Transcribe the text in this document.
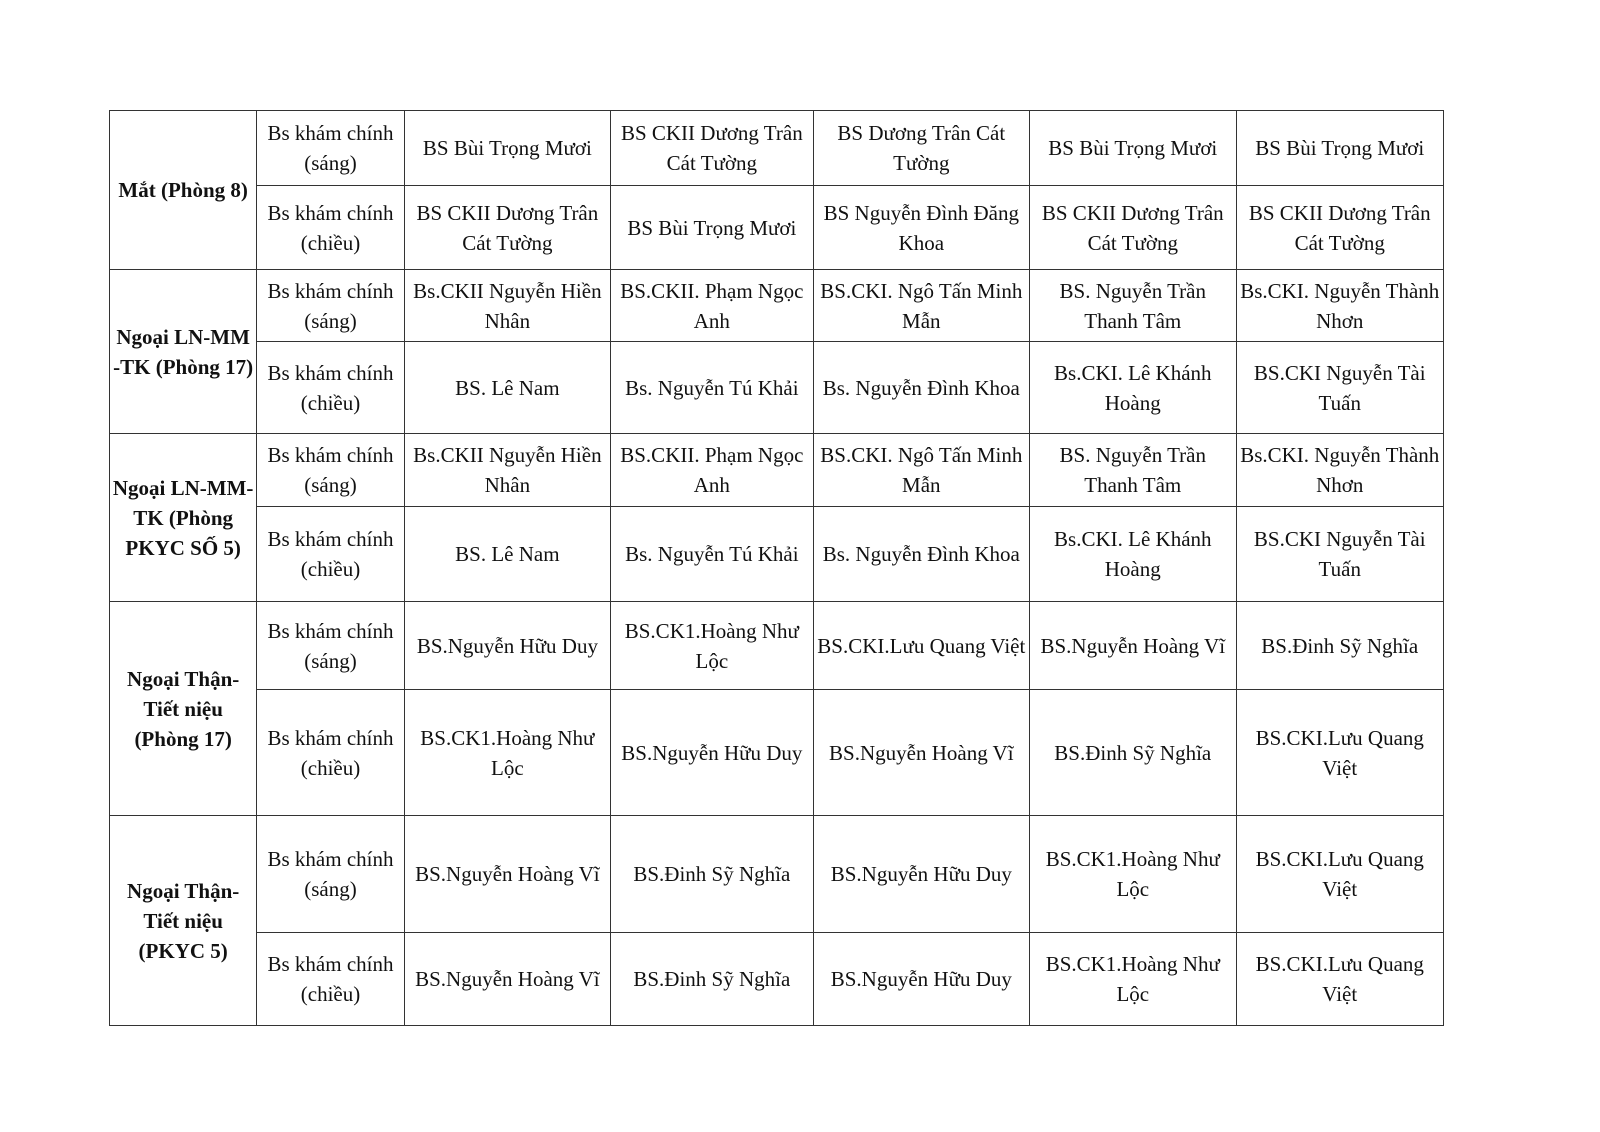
Mắt (Phòng 8)	Bs khám chính (sáng)	BS Bùi Trọng Mươi	BS CKII Dương Trân Cát Tường	BS Dương Trân Cát Tường	BS Bùi Trọng Mươi	BS Bùi Trọng Mươi
	Bs khám chính (chiều)	BS CKII Dương Trân Cát Tường	BS Bùi Trọng Mươi	BS Nguyễn Đình Đăng Khoa	BS CKII Dương Trân Cát Tường	BS CKII Dương Trân Cát Tường
Ngoại LN-MM -TK (Phòng 17)	Bs khám chính (sáng)	Bs.CKII Nguyễn Hiền Nhân	BS.CKII. Phạm Ngọc Anh	BS.CKI. Ngô Tấn Minh Mẫn	BS. Nguyễn Trần Thanh Tâm	Bs.CKI. Nguyễn Thành Nhơn
	Bs khám chính (chiều)	BS. Lê Nam	Bs. Nguyễn Tú Khải	Bs. Nguyễn Đình Khoa	Bs.CKI. Lê Khánh Hoàng	BS.CKI Nguyễn Tài Tuấn
Ngoại LN-MM- TK (Phòng PKYC SỐ 5)	Bs khám chính (sáng)	Bs.CKII Nguyễn Hiền Nhân	BS.CKII. Phạm Ngọc Anh	BS.CKI. Ngô Tấn Minh Mẫn	BS. Nguyễn Trần Thanh Tâm	Bs.CKI. Nguyễn Thành Nhơn
	Bs khám chính (chiều)	BS. Lê Nam	Bs. Nguyễn Tú Khải	Bs. Nguyễn Đình Khoa	Bs.CKI. Lê Khánh Hoàng	BS.CKI Nguyễn Tài Tuấn
Ngoại Thận-Tiết niệu (Phòng 17)	Bs khám chính (sáng)	BS.Nguyễn Hữu Duy	BS.CK1.Hoàng Như Lộc	BS.CKI.Lưu Quang Việt	BS.Nguyễn Hoàng Vĩ	BS.Đinh Sỹ Nghĩa
	Bs khám chính (chiều)	BS.CK1.Hoàng Như Lộc	BS.Nguyễn Hữu Duy	BS.Nguyễn Hoàng Vĩ	BS.Đinh Sỹ Nghĩa	BS.CKI.Lưu Quang Việt
Ngoại Thận-Tiết niệu (PKYC 5)	Bs khám chính (sáng)	BS.Nguyễn Hoàng Vĩ	BS.Đinh Sỹ Nghĩa	BS.Nguyễn Hữu Duy	BS.CK1.Hoàng Như Lộc	BS.CKI.Lưu Quang Việt
	Bs khám chính (chiều)	BS.Nguyễn Hoàng Vĩ	BS.Đinh Sỹ Nghĩa	BS.Nguyễn Hữu Duy	BS.CK1.Hoàng Như Lộc	BS.CKI.Lưu Quang Việt
